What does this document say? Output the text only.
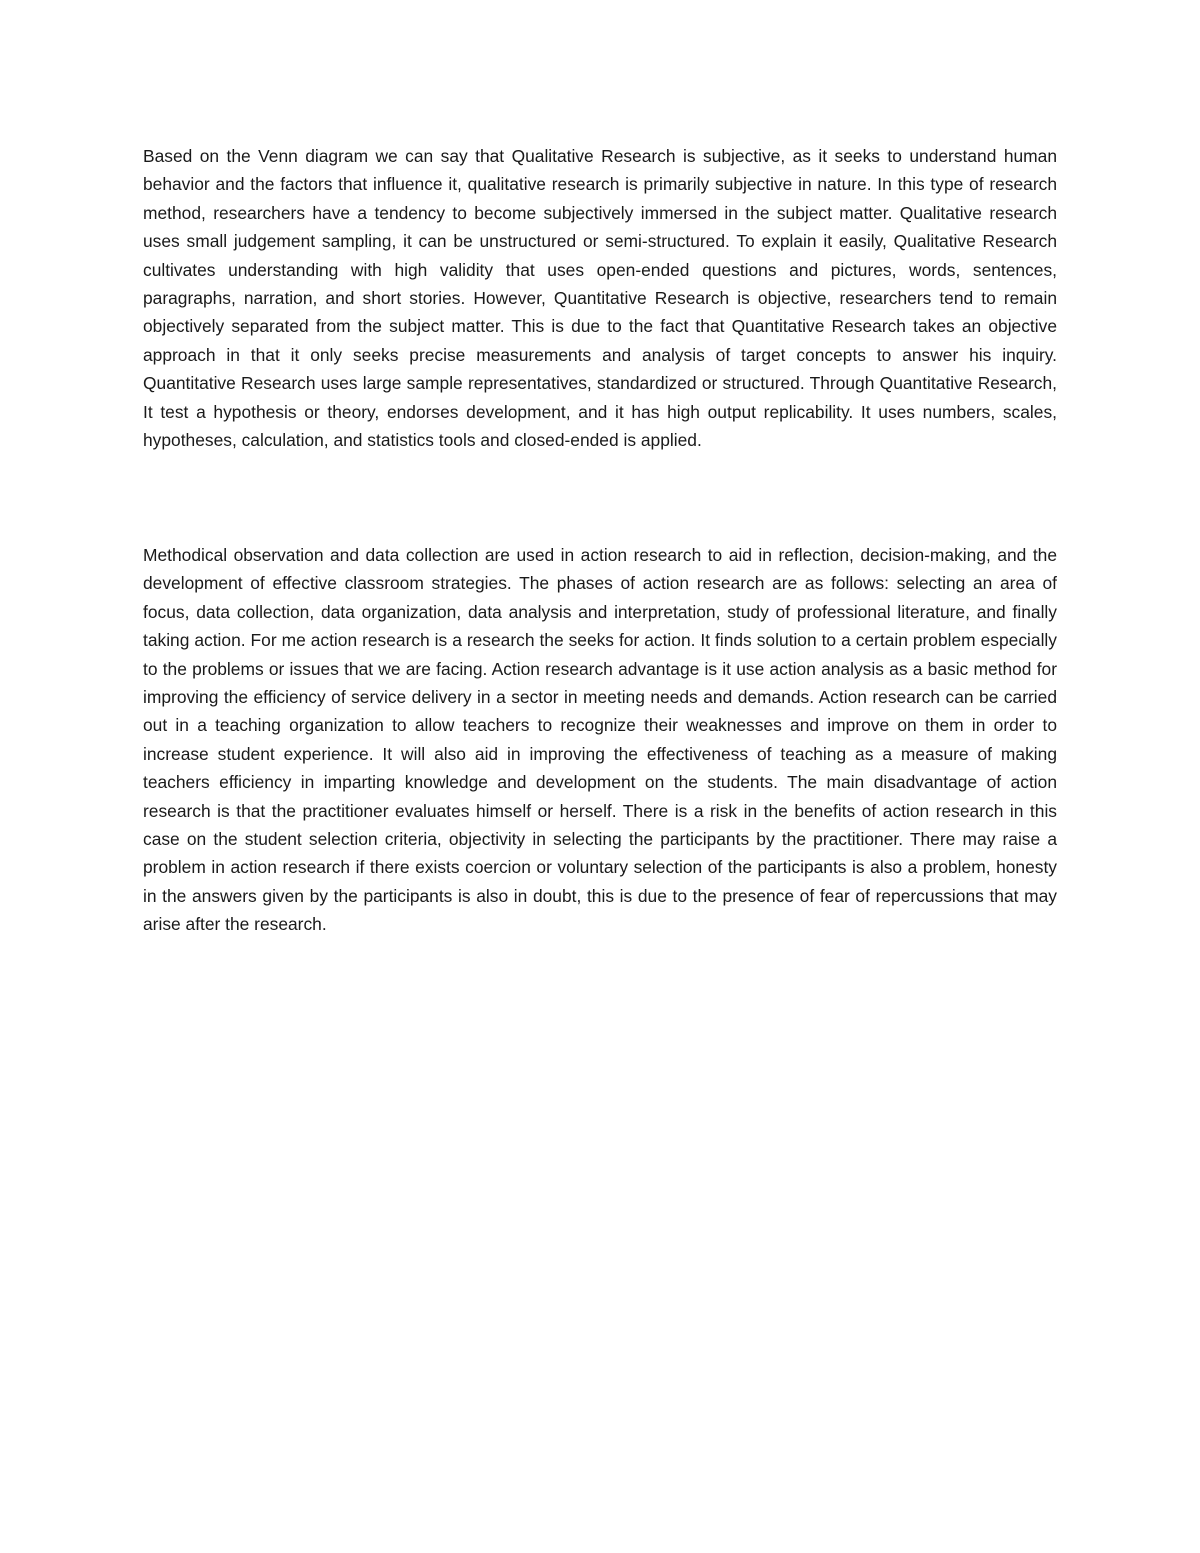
Based on the Venn diagram we can say that Qualitative Research is subjective, as it seeks to understand human behavior and the factors that influence it, qualitative research is primarily subjective in nature. In this type of research method, researchers have a tendency to become subjectively immersed in the subject matter. Qualitative research uses small judgement sampling, it can be unstructured or semi-structured. To explain it easily, Qualitative Research cultivates understanding with high validity that uses open-ended questions and pictures, words, sentences, paragraphs, narration, and short stories. However, Quantitative Research is objective, researchers tend to remain objectively separated from the subject matter. This is due to the fact that Quantitative Research takes an objective approach in that it only seeks precise measurements and analysis of target concepts to answer his inquiry. Quantitative Research uses large sample representatives, standardized or structured. Through Quantitative Research, It test a hypothesis or theory, endorses development, and it has high output replicability. It uses numbers, scales, hypotheses, calculation, and statistics tools and closed-ended is applied.

Methodical observation and data collection are used in action research to aid in reflection, decision-making, and the development of effective classroom strategies. The phases of action research are as follows: selecting an area of focus, data collection, data organization, data analysis and interpretation, study of professional literature, and finally taking action. For me action research is a research the seeks for action. It finds solution to a certain problem especially to the problems or issues that we are facing. Action research advantage is it use action analysis as a basic method for improving the efficiency of service delivery in a sector in meeting needs and demands. Action research can be carried out in a teaching organization to allow teachers to recognize their weaknesses and improve on them in order to increase student experience. It will also aid in improving the effectiveness of teaching as a measure of making teachers efficiency in imparting knowledge and development on the students. The main disadvantage of action research is that the practitioner evaluates himself or herself. There is a risk in the benefits of action research in this case on the student selection criteria, objectivity in selecting the participants by the practitioner. There may raise a problem in action research if there exists coercion or voluntary selection of the participants is also a problem, honesty in the answers given by the participants is also in doubt, this is due to the presence of fear of repercussions that may arise after the research.
